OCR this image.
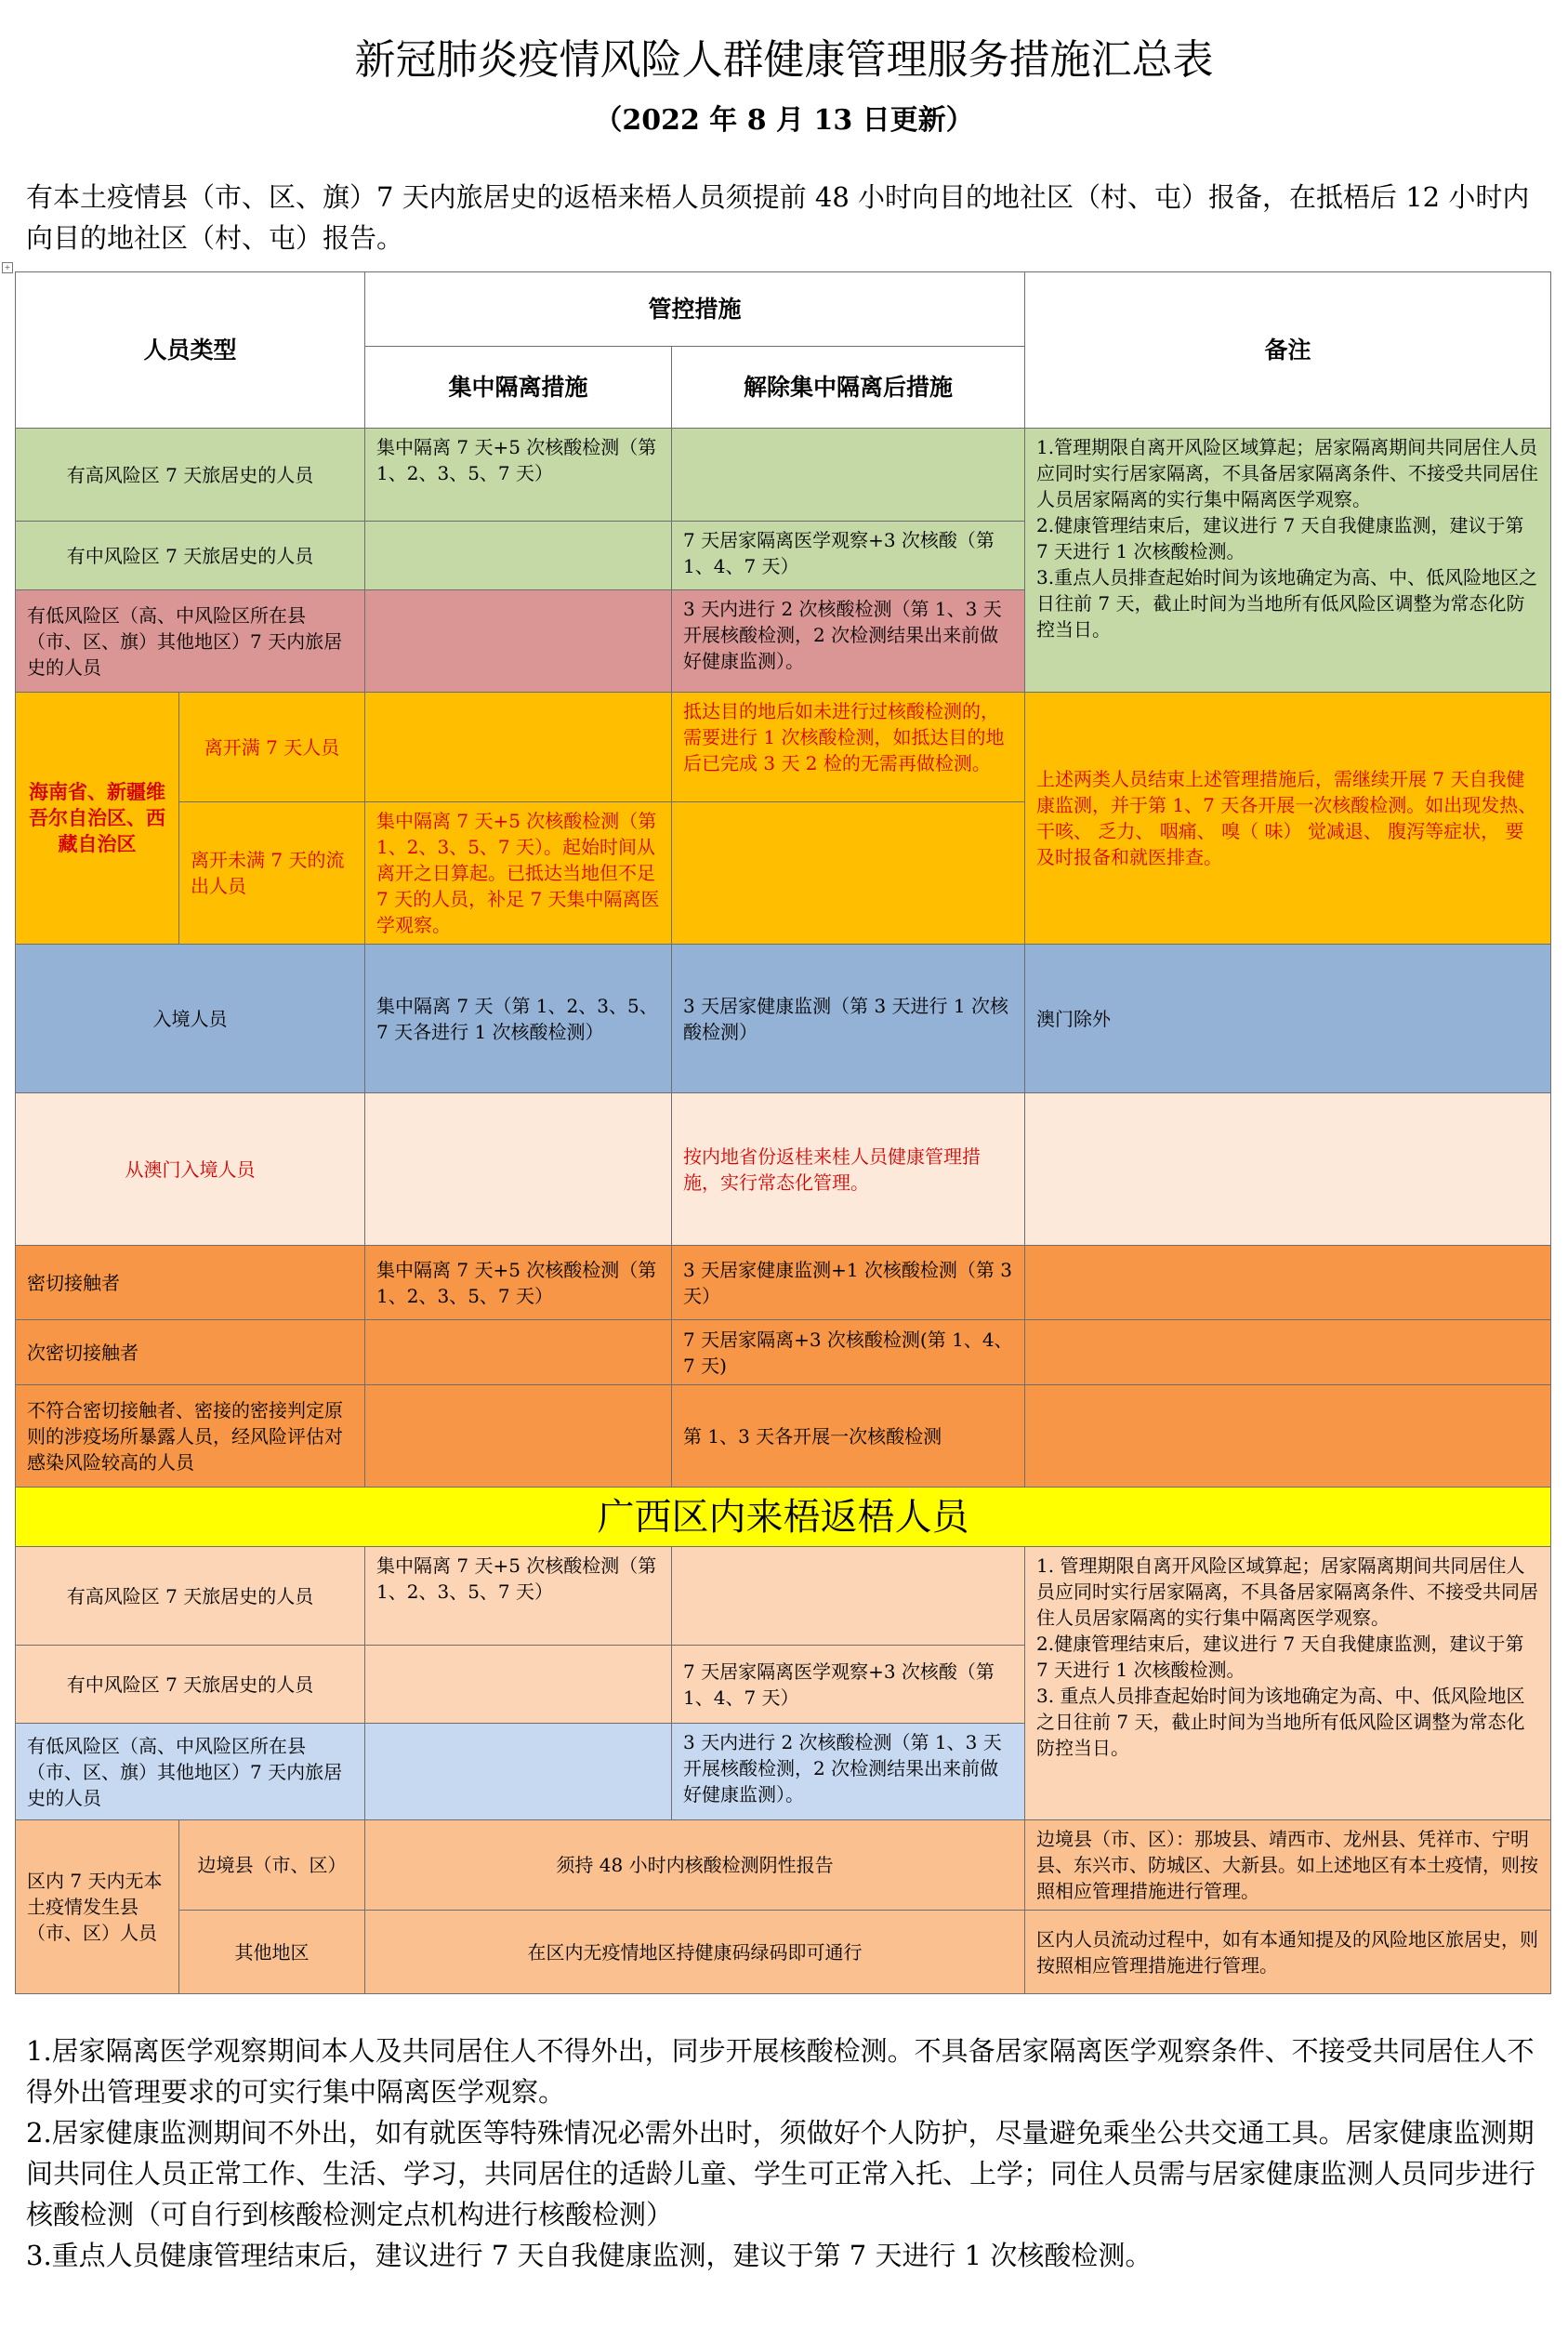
新冠肺炎疫情风险人群健康管理服务措施汇总表
（2022 年 8 月 13 日更新）
有本土疫情县（市、区、旗）7 天内旅居史的返梧来梧人员须提前 48 小时向目的地社区（村、屯）报备，在抵梧后 12 小时内向目的地社区（村、屯）报告。
+
人员类型		管控措施		备注
		集中隔离措施	解除集中隔离后措施	
有高风险区 7 天旅居史的人员		集中隔离 7 天+5 次核酸检测（第 1、2、3、5、7 天）		1.管理期限自离开风险区域算起；居家隔离期间共同居住人员应同时实行居家隔离，不具备居家隔离条件、不接受共同居住人员居家隔离的实行集中隔离医学观察。
2.健康管理结束后，建议进行 7 天自我健康监测，建议于第 7 天进行 1 次核酸检测。
3.重点人员排查起始时间为该地确定为高、中、低风险地区之日往前 7 天，截止时间为当地所有低风险区调整为常态化防控当日。
有中风险区 7 天旅居史的人员			7 天居家隔离医学观察+3 次核酸（第 1、4、7 天）	
有低风险区（高、中风险区所在县（市、区、旗）其他地区）7 天内旅居史的人员			3 天内进行 2 次核酸检测（第 1、3 天开展核酸检测，2 次检测结果出来前做好健康监测）。	
海南省、新疆维吾尔自治区、西藏自治区	离开满 7 天人员		抵达目的地后如未进行过核酸检测的，需要进行 1 次核酸检测，如抵达目的地后已完成 3 天 2 检的无需再做检测。	上述两类人员结束上述管理措施后，需继续开展 7 天自我健康监测，并于第 1、7 天各开展一次核酸检测。如出现发热、 干咳、 乏力、 咽痛、 嗅（ 味） 觉减退、 腹泻等症状， 要及时报备和就医排查。
	离开未满 7 天的流出人员	集中隔离 7 天+5 次核酸检测（第 1、2、3、5、7 天）。起始时间从离开之日算起。已抵达当地但不足 7 天的人员，补足 7 天集中隔离医学观察。		
入境人员		集中隔离 7 天（第 1、2、3、5、7 天各进行 1 次核酸检测）	3 天居家健康监测（第 3 天进行 1 次核酸检测）	澳门除外
从澳门入境人员			按内地省份返桂来桂人员健康管理措施，实行常态化管理。	
密切接触者		集中隔离 7 天+5 次核酸检测（第 1、2、3、5、7 天）	3 天居家健康监测+1 次核酸检测（第 3 天）	
次密切接触者			7 天居家隔离+3 次核酸检测(第 1、4、7 天)	
不符合密切接触者、密接的密接判定原则的涉疫场所暴露人员，经风险评估对感染风险较高的人员			第 1、3 天各开展一次核酸检测	
广西区内来梧返梧人员				
有高风险区 7 天旅居史的人员		集中隔离 7 天+5 次核酸检测（第 1、2、3、5、7 天）		1. 管理期限自离开风险区域算起；居家隔离期间共同居住人员应同时实行居家隔离，不具备居家隔离条件、不接受共同居住人员居家隔离的实行集中隔离医学观察。
2.健康管理结束后，建议进行 7 天自我健康监测，建议于第 7 天进行 1 次核酸检测。
3. 重点人员排查起始时间为该地确定为高、中、低风险地区之日往前 7 天，截止时间为当地所有低风险区调整为常态化防控当日。
有中风险区 7 天旅居史的人员			7 天居家隔离医学观察+3 次核酸（第 1、4、7 天）	
有低风险区（高、中风险区所在县（市、区、旗）其他地区）7 天内旅居史的人员			3 天内进行 2 次核酸检测（第 1、3 天开展核酸检测，2 次检测结果出来前做好健康监测）。	
区内 7 天内无本土疫情发生县（市、区）人员	边境县（市、区）	须持 48 小时内核酸检测阴性报告		边境县（市、区）：那坡县、靖西市、龙州县、凭祥市、宁明县、东兴市、防城区、大新县。如上述地区有本土疫情，则按照相应管理措施进行管理。
	其他地区	在区内无疫情地区持健康码绿码即可通行		区内人员流动过程中，如有本通知提及的风险地区旅居史，则按照相应管理措施进行管理。

1.居家隔离医学观察期间本人及共同居住人不得外出，同步开展核酸检测。不具备居家隔离医学观察条件、不接受共同居住人不得外出管理要求的可实行集中隔离医学观察。

2.居家健康监测期间不外出，如有就医等特殊情况必需外出时，须做好个人防护，尽量避免乘坐公共交通工具。居家健康监测期间共同住人员正常工作、生活、学习，共同居住的适龄儿童、学生可正常入托、上学；同住人员需与居家健康监测人员同步进行核酸检测（可自行到核酸检测定点机构进行核酸检测）

3.重点人员健康管理结束后，建议进行 7 天自我健康监测，建议于第 7 天进行 1 次核酸检测。
